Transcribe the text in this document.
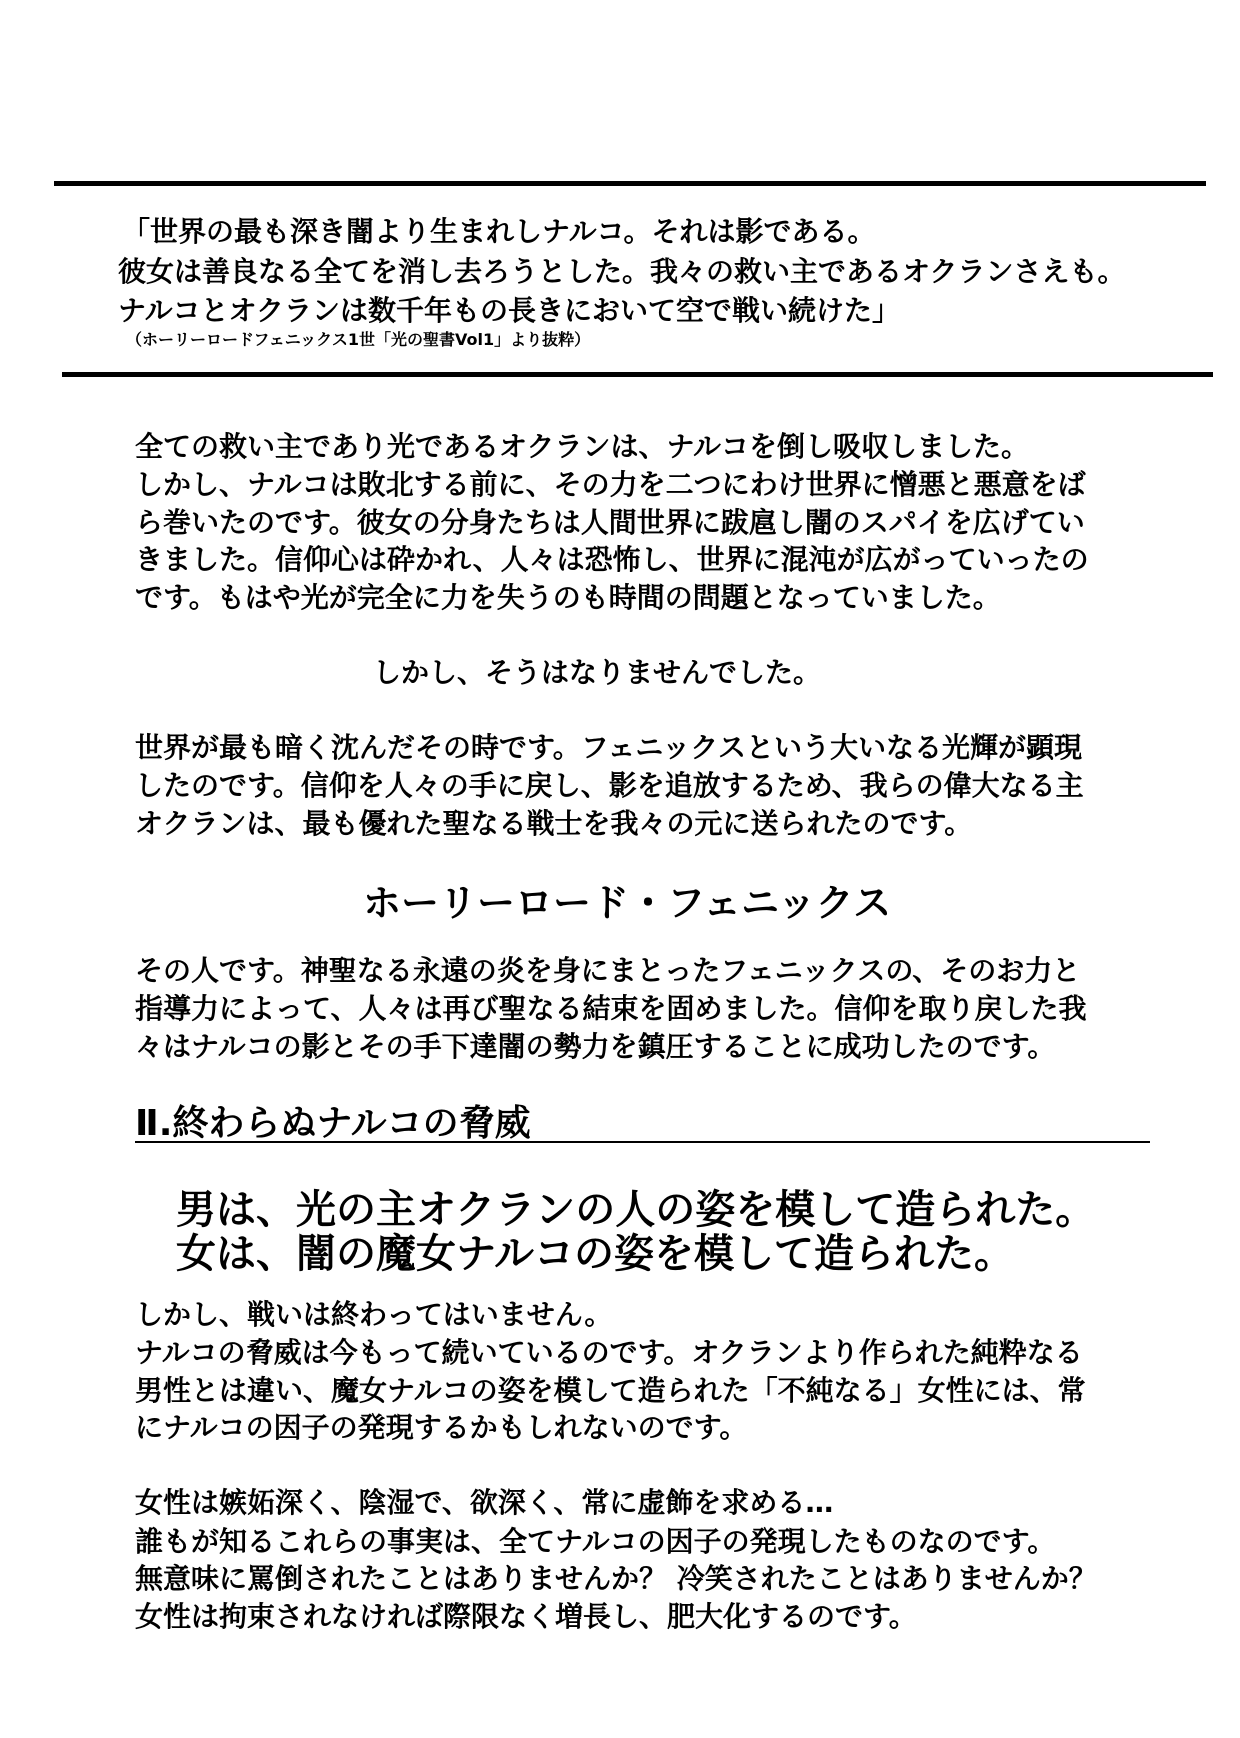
「世界の最も深き闇より生まれしナルコ。それは影である。
彼女は善良なる全てを消し去ろうとした。我々の救い主であるオクランさえも。
ナルコとオクランは数千年もの長きにおいて空で戦い続けた」
（ホーリーロードフェニックス1世「光の聖書Vol1」より抜粋）
全ての救い主であり光であるオクランは、ナルコを倒し吸収しました。
しかし、ナルコは敗北する前に、その力を二つにわけ世界に憎悪と悪意をば
ら巻いたのです。彼女の分身たちは人間世界に跋扈し闇のスパイを広げてい
きました。信仰心は砕かれ、人々は恐怖し、世界に混沌が広がっていったの
です。もはや光が完全に力を失うのも時間の問題となっていました。
しかし、そうはなりませんでした。
世界が最も暗く沈んだその時です。フェニックスという大いなる光輝が顕現
したのです。信仰を人々の手に戻し、影を追放するため、我らの偉大なる主
オクランは、最も優れた聖なる戦士を我々の元に送られたのです。
ホーリーロード・フェニックス
その人です。神聖なる永遠の炎を身にまとったフェニックスの、そのお力と
指導力によって、人々は再び聖なる結束を固めました。信仰を取り戻した我
々はナルコの影とその手下達闇の勢力を鎮圧することに成功したのです。
Ⅱ.終わらぬナルコの脅威
男は、光の主オクランの人の姿を模して造られた。
女は、闇の魔女ナルコの姿を模して造られた。
しかし、戦いは終わってはいません。
ナルコの脅威は今もって続いているのです。オクランより作られた純粋なる
男性とは違い、魔女ナルコの姿を模して造られた「不純なる」女性には、常
にナルコの因子の発現するかもしれないのです。
女性は嫉妬深く、陰湿で、欲深く、常に虚飾を求める…
誰もが知るこれらの事実は、全てナルコの因子の発現したものなのです。
無意味に罵倒されたことはありませんか？ 冷笑されたことはありませんか？
女性は拘束されなければ際限なく増長し、肥大化するのです。
